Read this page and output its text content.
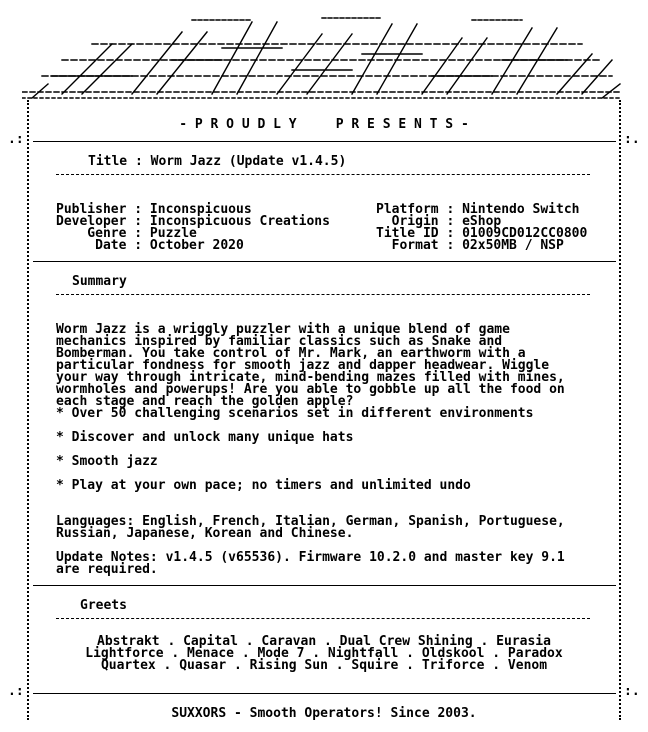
.:	:.
.:	:.
- P R O U D L Y     P R E S E N T S -
Title : Worm Jazz (Update v1.4.5)

Publisher : Inconspicuous
Developer : Inconspicuous Creations
Genre : Puzzle
Date : October 2020

Platform : Nintendo Switch
Origin : eShop
Title ID : 01009CD012CC0800
Format : 02x50MB / NSP
Summary

Worm Jazz is a wriggly puzzler with a unique blend of game
mechanics inspired by familiar classics such as Snake and
Bomberman. You take control of Mr. Mark, an earthworm with a
particular fondness for smooth jazz and dapper headwear. Wiggle
your way through intricate, mind-bending mazes filled with mines,
wormholes and powerups! Are you able to gobble up all the food on
each stage and reach the golden apple?
* Over 50 challenging scenarios set in different environments
* Discover and unlock many unique hats
* Smooth jazz
* Play at your own pace; no timers and unlimited undo

Languages: English, French, Italian, German, Spanish, Portuguese,
Russian, Japanese, Korean and Chinese.

Update Notes: v1.4.5 (v65536). Firmware 10.2.0 and master key 9.1
are required.
Greets
Abstrakt . Capital . Caravan . Dual Crew Shining . Eurasia
Lightforce . Menace . Mode 7 . Nightfall . Oldskool . Paradox
Quartex . Quasar . Rising Sun . Squire . Triforce . Venom
SUXXORS - Smooth Operators! Since 2003.
